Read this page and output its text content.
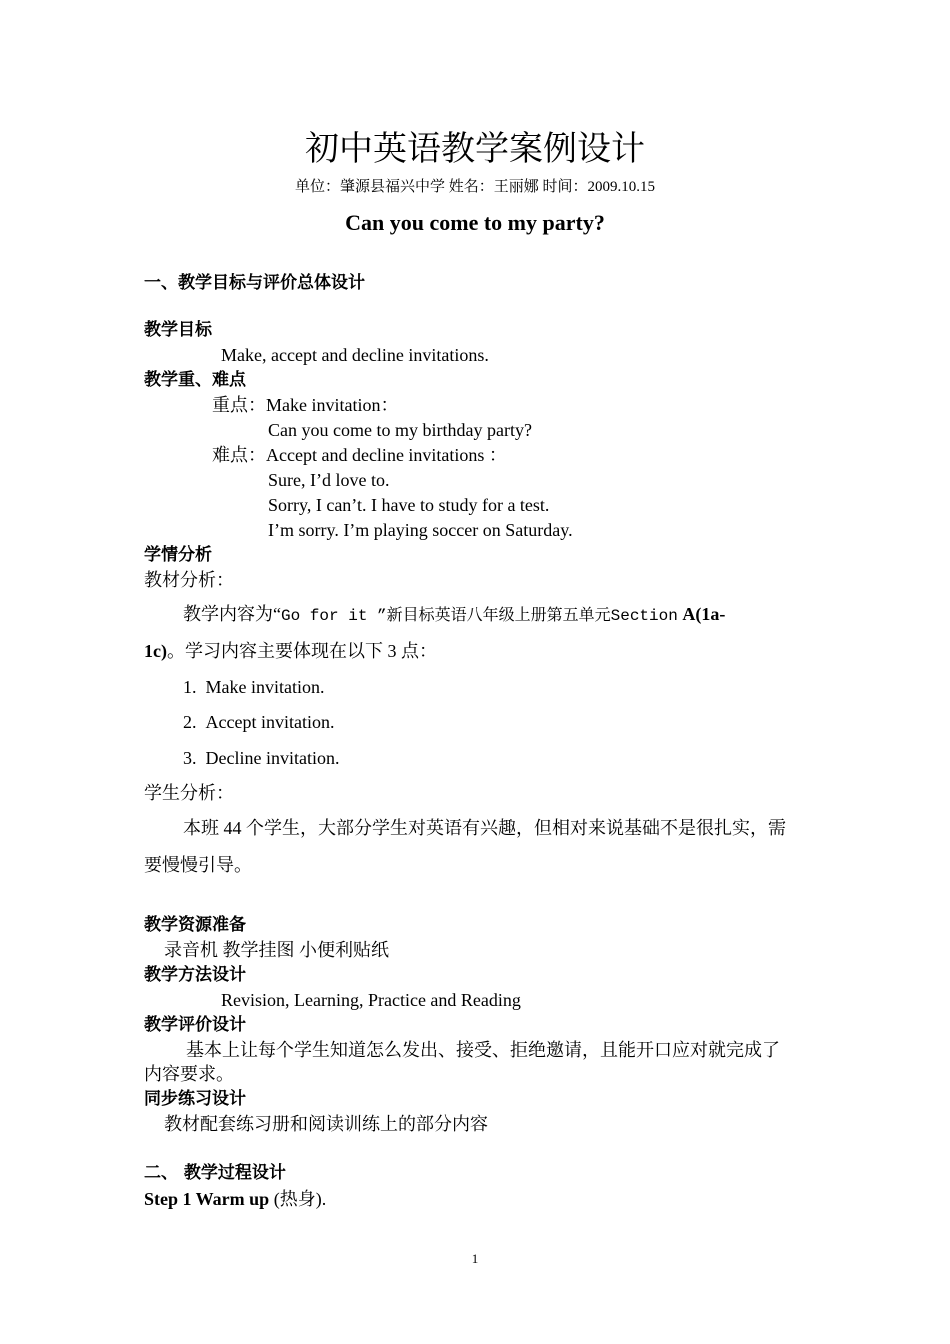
初中英语教学案例设计
单位：肇源县福兴中学 姓名：王丽娜 时间：2009.10.15
Can you come to my party?
一、教学目标与评价总体设计
教学目标
Make, accept and decline invitations.
教学重、难点
重点：Make invitation：
Can you come to my birthday party?
难点：Accept and decline invitations ：
Sure, I’d love to.
Sorry, I can’t. I have to study for a test.
I’m sorry. I’m playing soccer on Saturday.
学情分析
教材分析：
教学内容为“Go for it ”新目标英语八年级上册第五单元Section A(1a-
1c)。学习内容主要体现在以下 3 点：
1. Make invitation.
2. Accept invitation.
3. Decline invitation.
学生分析：
本班 44 个学生，大部分学生对英语有兴趣，但相对来说基础不是很扎实，需
要慢慢引导。
教学资源准备
录音机 教学挂图 小便利贴纸
教学方法设计
Revision, Learning, Practice and Reading
教学评价设计
基本上让每个学生知道怎么发出、接受、拒绝邀请，且能开口应对就完成了
内容要求。
同步练习设计
教材配套练习册和阅读训练上的部分内容
二、 教学过程设计
Step 1 Warm up (热身).
1
